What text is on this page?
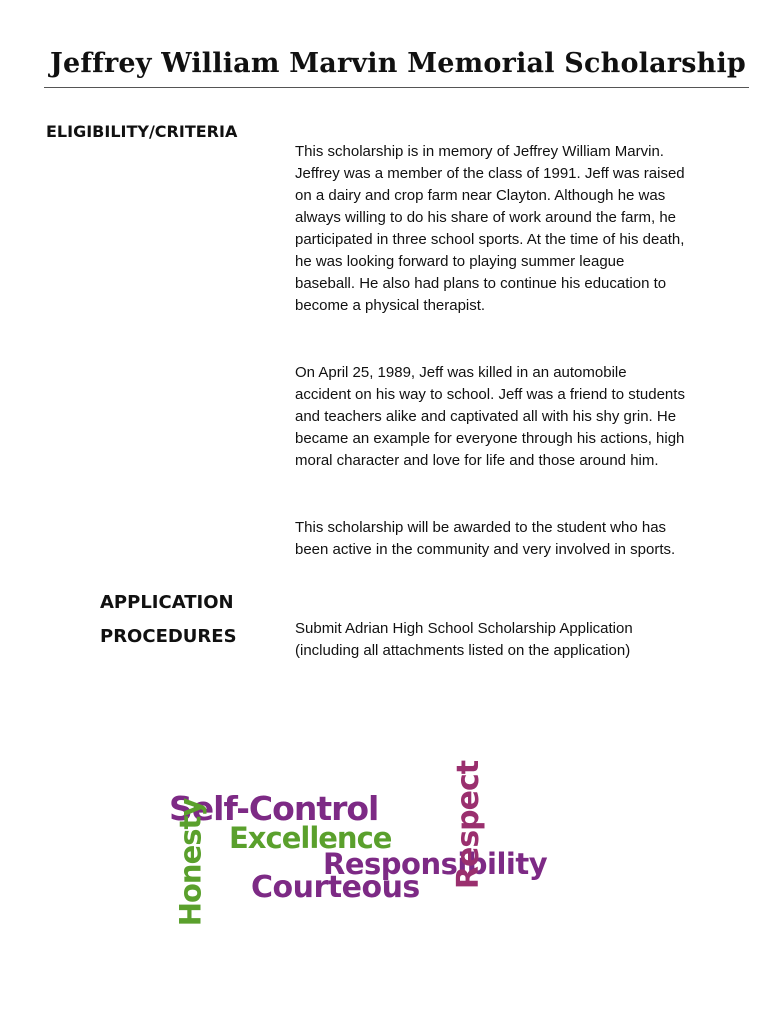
Jeffrey William Marvin Memorial Scholarship
ELIGIBILITY/CRITERIA

This scholarship is in memory of Jeffrey William Marvin. Jeffrey was a member of the class of 1991. Jeff was raised on a dairy and crop farm near Clayton. Although he was always willing to do his share of work around the farm, he participated in three school sports. At the time of his death, he was looking forward to playing summer league baseball. He also had plans to continue his education to become a physical therapist.

On April 25, 1989, Jeff was killed in an automobile accident on his way to school. Jeff was a friend to students and teachers alike and captivated all with his shy grin. He became an example for everyone through his actions, high moral character and love for life and those around him.

This scholarship will be awarded to the student who has been active in the community and very involved in sports.

APPLICATION
PROCEDURES	Submit Adrian High School Scholarship Application (including all attachments listed on the application)

Self-Control
Excellence
Responsibility
Courteous
Honesty	Respect
